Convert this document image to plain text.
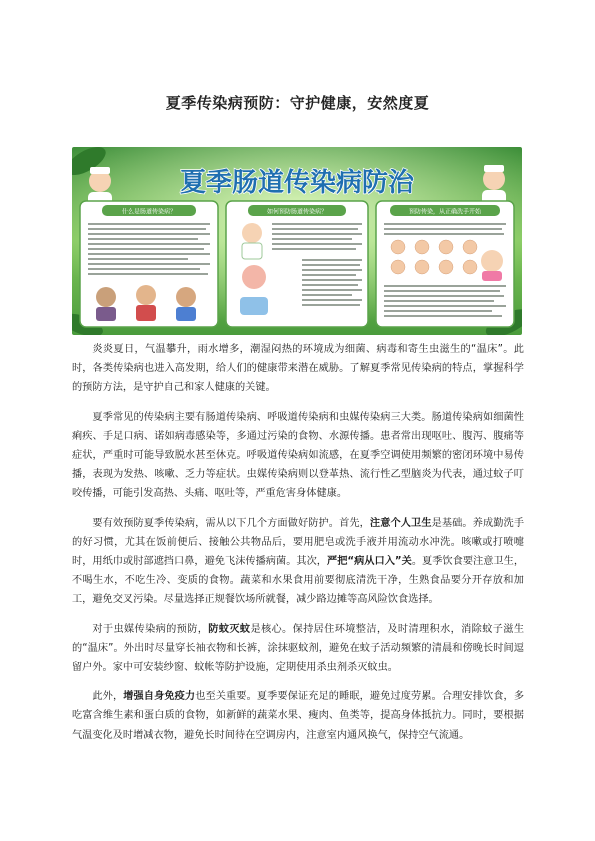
夏季传染病预防：守护健康，安然度夏
夏季肠道传染病防治
什么是肠道传染病？	如何预防肠道传染病？	预防传染，从正确洗手开始

炎炎夏日，气温攀升，雨水增多，潮湿闷热的环境成为细菌、病毒和寄生虫滋生的“温床”。此时，各类传染病也进入高发期，给人们的健康带来潜在威胁。了解夏季常见传染病的特点，掌握科学的预防方法，是守护自己和家人健康的关键。

夏季常见的传染病主要有肠道传染病、呼吸道传染病和虫媒传染病三大类。肠道传染病如细菌性痢疾、手足口病、诺如病毒感染等，多通过污染的食物、水源传播。患者常出现呕吐、腹泻、腹痛等症状，严重时可能导致脱水甚至休克。呼吸道传染病如流感，在夏季空调使用频繁的密闭环境中易传播，表现为发热、咳嗽、乏力等症状。虫媒传染病则以登革热、流行性乙型脑炎为代表，通过蚊子叮咬传播，可能引发高热、头痛、呕吐等，严重危害身体健康。

要有效预防夏季传染病，需从以下几个方面做好防护。首先，注意个人卫生是基础。养成勤洗手的好习惯，尤其在饭前便后、接触公共物品后，要用肥皂或洗手液并用流动水冲洗。咳嗽或打喷嚏时，用纸巾或肘部遮挡口鼻，避免飞沫传播病菌。其次，严把“病从口入”关。夏季饮食要注意卫生，不喝生水，不吃生冷、变质的食物。蔬菜和水果食用前要彻底清洗干净，生熟食品要分开存放和加工，避免交叉污染。尽量选择正规餐饮场所就餐，减少路边摊等高风险饮食选择。

对于虫媒传染病的预防，防蚊灭蚊是核心。保持居住环境整洁，及时清理积水，消除蚊子滋生的“温床”。外出时尽量穿长袖衣物和长裤，涂抹驱蚊剂，避免在蚊子活动频繁的清晨和傍晚长时间逗留户外。家中可安装纱窗、蚊帐等防护设施，定期使用杀虫剂杀灭蚊虫。

此外，增强自身免疫力也至关重要。夏季要保证充足的睡眠，避免过度劳累。合理安排饮食，多吃富含维生素和蛋白质的食物，如新鲜的蔬菜水果、瘦肉、鱼类等，提高身体抵抗力。同时，要根据气温变化及时增减衣物，避免长时间待在空调房内，注意室内通风换气，保持空气流通。
